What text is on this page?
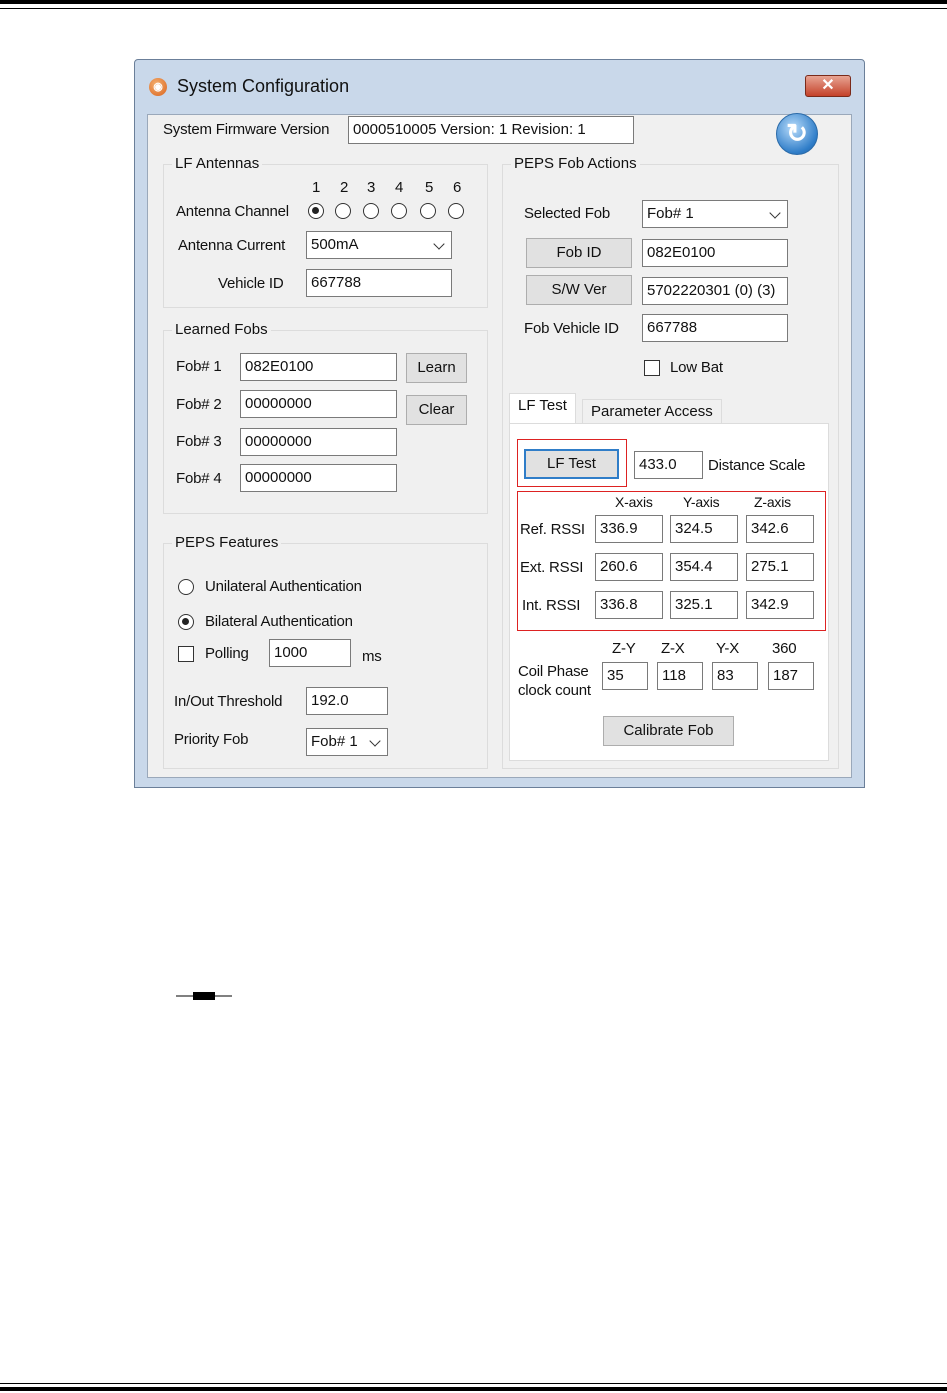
◉ System Configuration	✕
System Firmware Version	0000510005 Version: 1 Revision: 1
↻
LF Antennas
1 2 3 4 5 6
Antenna Channel
Antenna Current	500mA
Vehicle ID	667788
Learned Fobs
Fob# 1	082E0100
Fob# 2	00000000
Fob# 3	00000000
Fob# 4	00000000
Learn
Clear
PEPS Features
Unilateral Authentication
Bilateral Authentication
Polling	1000	ms
In/Out Threshold	192.0
Priority Fob	Fob# 1
PEPS Fob Actions
Selected Fob	Fob# 1
Fob ID	082E0100
S/W Ver	5702220301 (0) (3)
Fob Vehicle ID	667788
Low Bat
LF Test	Parameter Access
LF Test	433.0	Distance Scale
X-axis Y-axis Z-axis
Ref. RSSI	336.9	324.5	342.6
Ext. RSSI	260.6	354.4	275.1
Int. RSSI	336.8	325.1	342.9
Z-Y Z-X Y-X 360
Coil Phase
clock count
35	118	83	187
Calibrate Fob
